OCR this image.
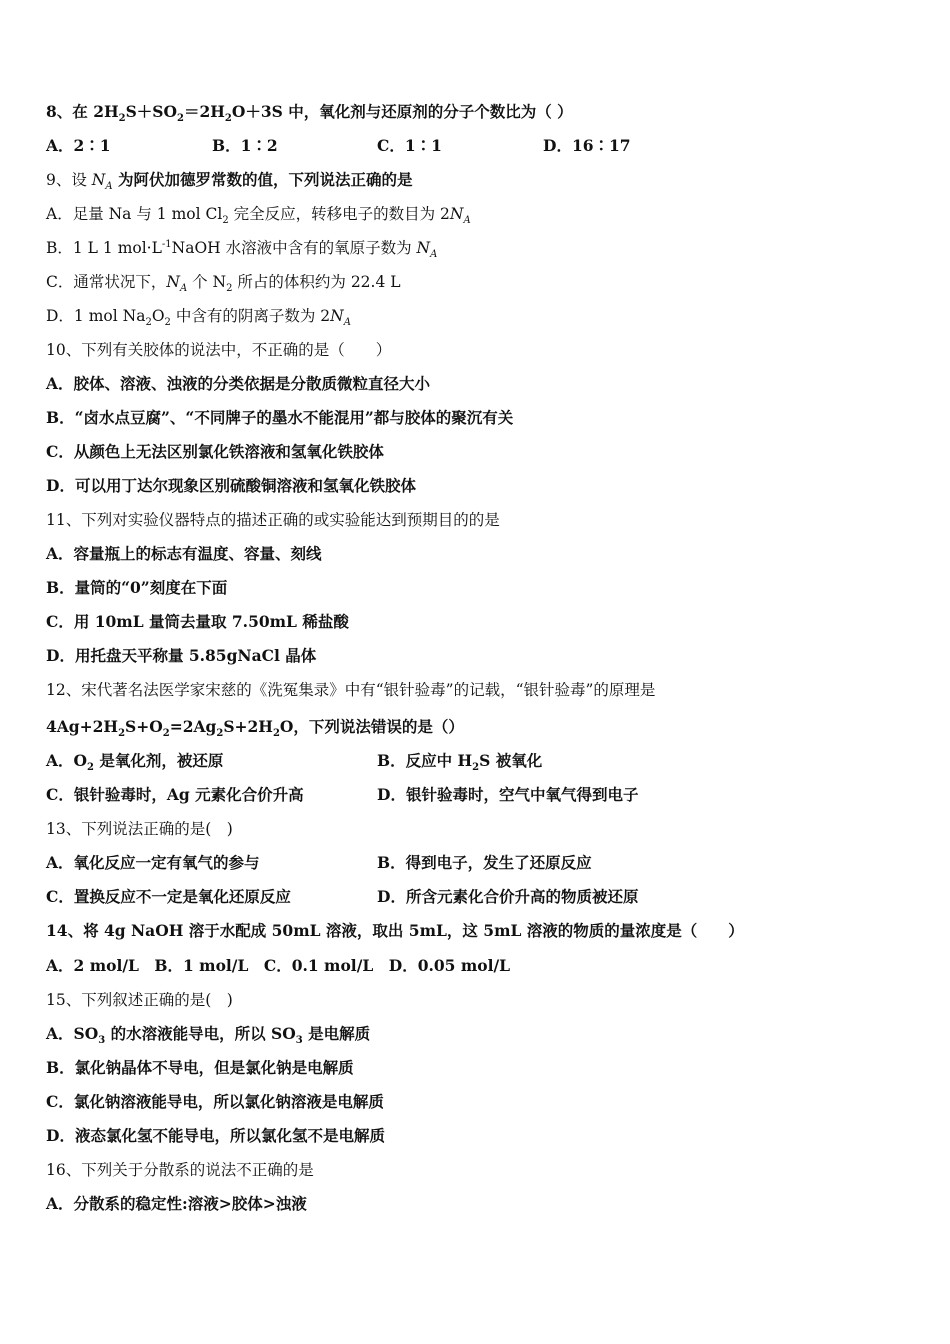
8、在 $2H_2S+SO_2=2H_2O+3S$ 中，氧化剂与还原剂的分子个数比为（ ）
A．2∶1	B．1∶2	C．1∶1	D．16∶17
9、设 $N_A$ 为阿伏加德罗常数的值，下列说法正确的是
A．足量 Na 与 1 mol $Cl_2$ 完全反应，转移电子的数目为 $2N_A$
B．1 L 1 $mol\cdot L^{-1}NaOH$ 水溶液中含有的氧原子数为 $N_A$
C．通常状况下，$N_A$ 个 $N_2$ 所占的体积约为 22.4 L
D．1 mol $Na_2O_2$ 中含有的阴离子数为 $2N_A$
10、下列有关胶体的说法中，不正确的是（　　）
A．胶体、溶液、浊液的分类依据是分散质微粒直径大小
B．“卤水点豆腐”、“不同牌子的墨水不能混用”都与胶体的聚沉有关
C．从颜色上无法区别氯化铁溶液和氢氧化铁胶体
D．可以用丁达尔现象区别硫酸铜溶液和氢氧化铁胶体
11、下列对实验仪器特点的描述正确的或实验能达到预期目的的是
A．容量瓶上的标志有温度、容量、刻线
B．量筒的“0”刻度在下面
C．用 10mL 量筒去量取 7.50mL 稀盐酸
D．用托盘天平称量 5.85gNaCl 晶体
12、宋代著名法医学家宋慈的《洗冤集录》中有“银针验毒”的记载，“银针验毒”的原理是
$4Ag+2H_2S+O_2=2Ag_2S+2H_2O$，下列说法错误的是（）
A．$O_2$ 是氧化剂，被还原	B．反应中 $H_2S$ 被氧化
C．银针验毒时，Ag 元素化合价升高	D．银针验毒时，空气中氧气得到电子
13、下列说法正确的是(　)
A．氧化反应一定有氧气的参与	B．得到电子，发生了还原反应
C．置换反应不一定是氧化还原反应	D．所含元素化合价升高的物质被还原
14、将 4g NaOH 溶于水配成 50mL 溶液，取出 5mL，这 5mL 溶液的物质的量浓度是（　　）
A．2 mol/L　B．1 mol/L　C．0.1 mol/L　D．0.05 mol/L
15、下列叙述正确的是(　)
A．$SO_3$ 的水溶液能导电，所以 $SO_3$ 是电解质
B．氯化钠晶体不导电，但是氯化钠是电解质
C．氯化钠溶液能导电，所以氯化钠溶液是电解质
D．液态氯化氢不能导电，所以氯化氢不是电解质
16、下列关于分散系的说法不正确的是
A．分散系的稳定性:溶液>胶体>浊液
